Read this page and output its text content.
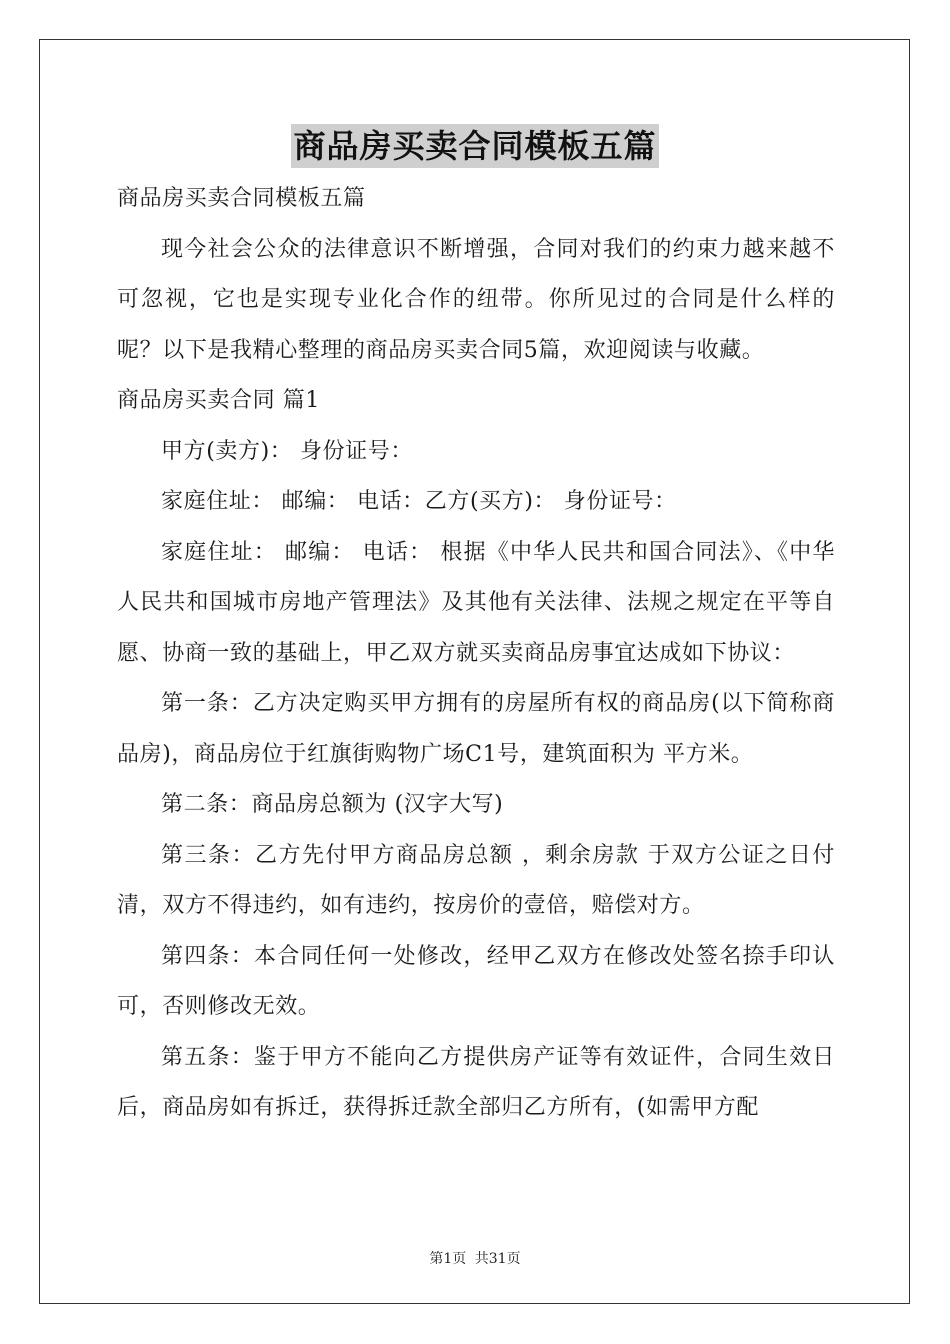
商品房买卖合同模板五篇

商品房买卖合同模板五篇

现今社会公众的法律意识不断增强，合同对我们的约束力越来越不可忽视，它也是实现专业化合作的纽带。你所见过的合同是什么样的呢？以下是我精心整理的商品房买卖合同5篇，欢迎阅读与收藏。

商品房买卖合同 篇1

甲方(卖方)： 身份证号：

家庭住址： 邮编： 电话：乙方(买方)： 身份证号：

家庭住址： 邮编： 电话： 根据《中华人民共和国合同法》、《中华人民共和国城市房地产管理法》及其他有关法律、法规之规定在平等自愿、协商一致的基础上，甲乙双方就买卖商品房事宜达成如下协议：

第一条：乙方决定购买甲方拥有的房屋所有权的商品房(以下简称商品房)，商品房位于红旗街购物广场C1号，建筑面积为 平方米。

第二条：商品房总额为 (汉字大写)

第三条：乙方先付甲方商品房总额 ，剩余房款 于双方公证之日付清，双方不得违约，如有违约，按房价的壹倍，赔偿对方。

第四条：本合同任何一处修改，经甲乙双方在修改处签名捺手印认可，否则修改无效。

第五条：鉴于甲方不能向乙方提供房产证等有效证件，合同生效日后，商品房如有拆迁，获得拆迁款全部归乙方所有，(如需甲方配

第1页 共31页
